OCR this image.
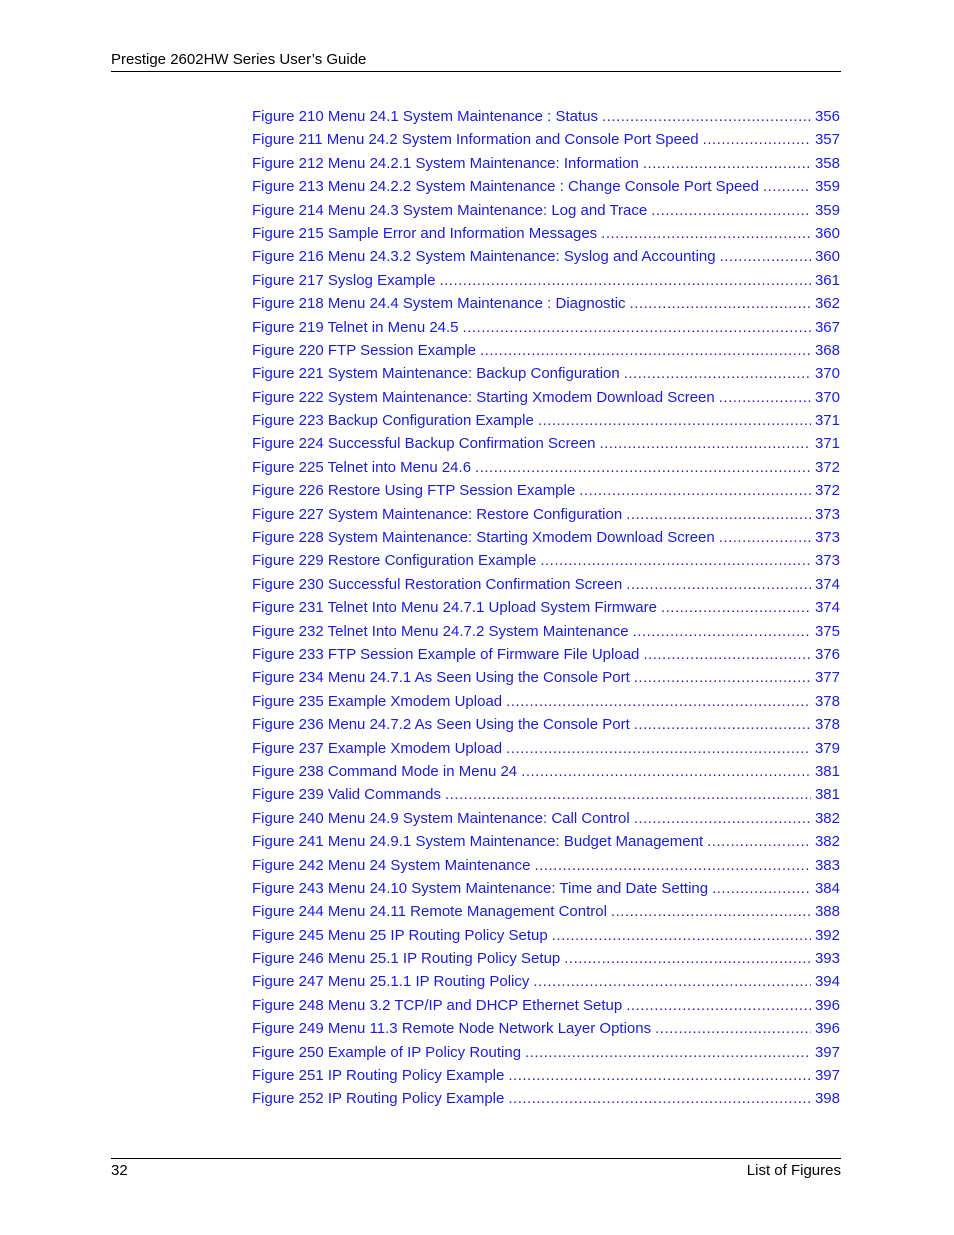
Prestige 2602HW Series User’s Guide
Figure 210 Menu 24.1 System Maintenance : Status .....	356
Figure 211 Menu 24.2 System Information and Console Port Speed .....	357
Figure 212 Menu 24.2.1 System Maintenance: Information .....	358
Figure 213 Menu 24.2.2 System Maintenance : Change Console Port Speed .....	359
Figure 214 Menu 24.3 System Maintenance: Log and Trace .....	359
Figure 215 Sample Error and Information Messages .....	360
Figure 216 Menu 24.3.2 System Maintenance: Syslog and Accounting .....	360
Figure 217 Syslog Example .....	361
Figure 218 Menu 24.4 System Maintenance : Diagnostic .....	362
Figure 219 Telnet in Menu 24.5 .....	367
Figure 220 FTP Session Example .....	368
Figure 221 System Maintenance: Backup Configuration .....	370
Figure 222 System Maintenance: Starting Xmodem Download Screen .....	370
Figure 223 Backup Configuration Example .....	371
Figure 224 Successful Backup Confirmation Screen .....	371
Figure 225 Telnet into Menu 24.6 .....	372
Figure 226 Restore Using FTP Session Example .....	372
Figure 227 System Maintenance: Restore Configuration .....	373
Figure 228 System Maintenance: Starting Xmodem Download Screen .....	373
Figure 229 Restore Configuration Example .....	373
Figure 230 Successful Restoration Confirmation Screen .....	374
Figure 231 Telnet Into Menu 24.7.1 Upload System Firmware .....	374
Figure 232 Telnet Into Menu 24.7.2 System Maintenance .....	375
Figure 233 FTP Session Example of Firmware File Upload .....	376
Figure 234 Menu 24.7.1 As Seen Using the Console Port .....	377
Figure 235 Example Xmodem Upload .....	378
Figure 236 Menu 24.7.2 As Seen Using the Console Port .....	378
Figure 237 Example Xmodem Upload .....	379
Figure 238 Command Mode in Menu 24 .....	381
Figure 239 Valid Commands .....	381
Figure 240 Menu 24.9 System Maintenance: Call Control .....	382
Figure 241 Menu 24.9.1 System Maintenance: Budget Management .....	382
Figure 242 Menu 24 System Maintenance .....	383
Figure 243 Menu 24.10 System Maintenance: Time and Date Setting .....	384
Figure 244 Menu 24.11 Remote Management Control .....	388
Figure 245 Menu 25 IP Routing Policy Setup .....	392
Figure 246 Menu 25.1 IP Routing Policy Setup .....	393
Figure 247 Menu 25.1.1 IP Routing Policy .....	394
Figure 248 Menu 3.2 TCP/IP and DHCP Ethernet Setup .....	396
Figure 249 Menu 11.3 Remote Node Network Layer Options .....	396
Figure 250 Example of IP Policy Routing .....	397
Figure 251 IP Routing Policy Example .....	397
Figure 252 IP Routing Policy Example .....	398
32	List of Figures
